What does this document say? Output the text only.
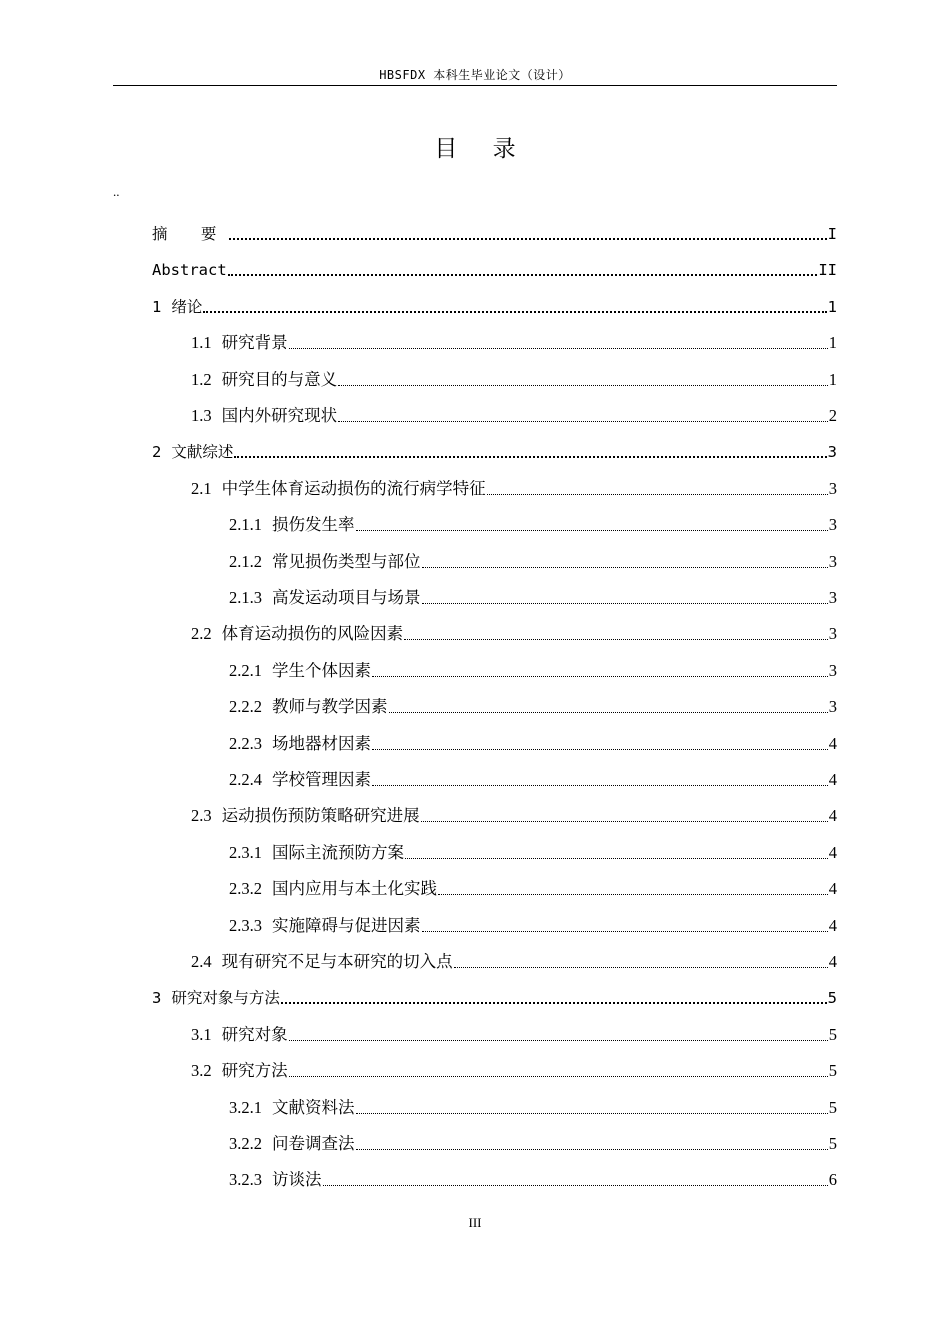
HBSFDX 本科生毕业论文（设计）
目 录
..
摘 要	I
Abstract	II
1 绪论	1
1.1 研究背景	1
1.2 研究目的与意义	1
1.3 国内外研究现状	2
2 文献综述	3
2.1 中学生体育运动损伤的流行病学特征	3
2.1.1 损伤发生率	3
2.1.2 常见损伤类型与部位	3
2.1.3 高发运动项目与场景	3
2.2 体育运动损伤的风险因素	3
2.2.1 学生个体因素	3
2.2.2 教师与教学因素	3
2.2.3 场地器材因素	4
2.2.4 学校管理因素	4
2.3 运动损伤预防策略研究进展	4
2.3.1 国际主流预防方案	4
2.3.2 国内应用与本土化实践	4
2.3.3 实施障碍与促进因素	4
2.4 现有研究不足与本研究的切入点	4
3 研究对象与方法	5
3.1 研究对象	5
3.2 研究方法	5
3.2.1 文献资料法	5
3.2.2 问卷调查法	5
3.2.3 访谈法	6
III
